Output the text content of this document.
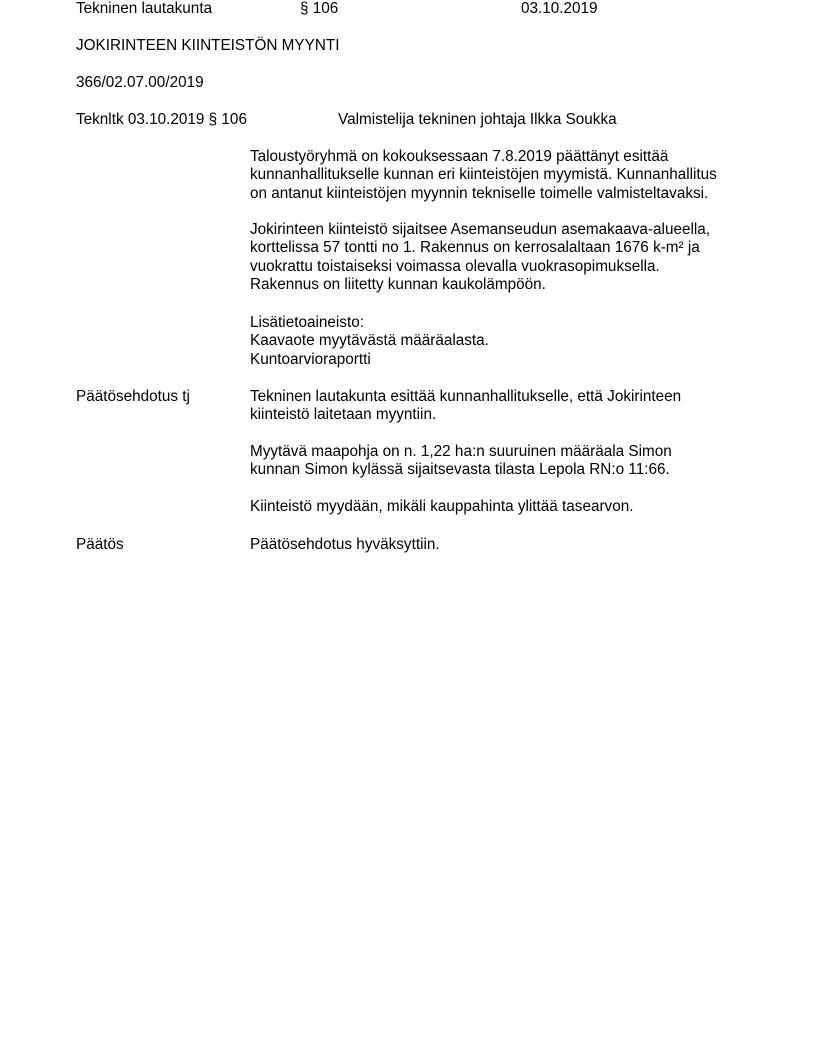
Tekninen lautakunta	§ 106	03.10.2019
JOKIRINTEEN KIINTEISTÖN MYYNTI
366/02.07.00/2019
Teknltk 03.10.2019 § 106	Valmistelija tekninen johtaja Ilkka Soukka
Taloustyöryhmä on kokouksessaan 7.8.2019 päättänyt esittää
kunnanhallitukselle kunnan eri kiinteistöjen myymistä. Kunnanhallitus
on antanut kiinteistöjen myynnin tekniselle toimelle valmisteltavaksi.
Jokirinteen kiinteistö sijaitsee Asemanseudun asemakaava-alueella,
korttelissa 57 tontti no 1. Rakennus on kerrosalaltaan 1676 k-m² ja
vuokrattu toistaiseksi voimassa olevalla vuokrasopimuksella.
Rakennus on liitetty kunnan kaukolämpöön.
Lisätietoaineisto:
Kaavaote myytävästä määräalasta.
Kuntoarvioraportti
Päätösehdotus tj	Tekninen lautakunta esittää kunnanhallitukselle, että Jokirinteen
kiinteistö laitetaan myyntiin.
Myytävä maapohja on n. 1,22 ha:n suuruinen määräala Simon
kunnan Simon kylässä sijaitsevasta tilasta Lepola RN:o 11:66.
Kiinteistö myydään, mikäli kauppahinta ylittää tasearvon.
Päätös	Päätösehdotus hyväksyttiin.
